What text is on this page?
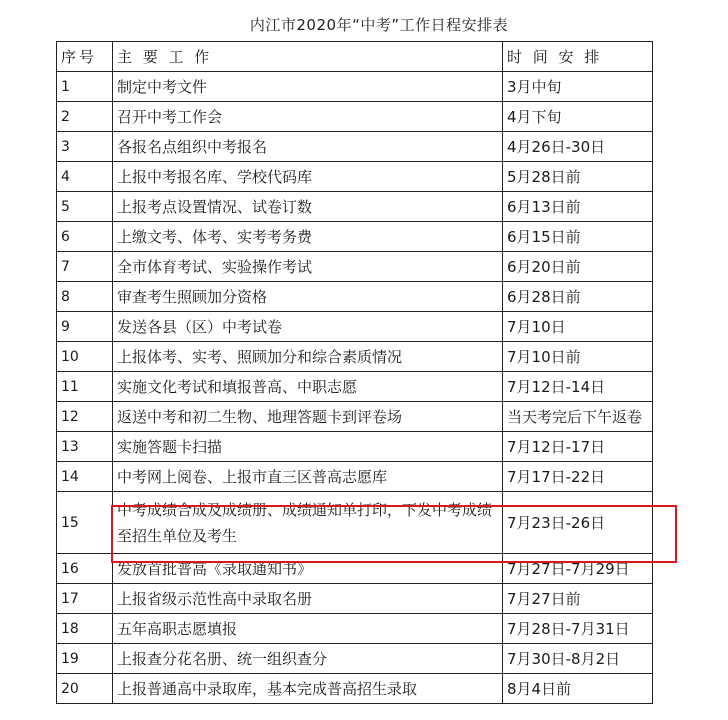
内江市2020年“中考”工作日程安排表
序号	主 要 工 作	时 间 安 排
1	制定中考文件	3月中旬
2	召开中考工作会	4月下旬
3	各报名点组织中考报名	4月26日-30日
4	上报中考报名库、学校代码库	5月28日前
5	上报考点设置情况、试卷订数	6月13日前
6	上缴文考、体考、实考考务费	6月15日前
7	全市体育考试、实验操作考试	6月20日前
8	审查考生照顾加分资格	6月28日前
9	发送各县（区）中考试卷	7月10日
10	上报体考、实考、照顾加分和综合素质情况	7月10日前
11	实施文化考试和填报普高、中职志愿	7月12日-14日
12	返送中考和初二生物、地理答题卡到评卷场	当天考完后下午返卷
13	实施答题卡扫描	7月12日-17日
14	中考网上阅卷、上报市直三区普高志愿库	7月17日-22日
15	中考成绩合成及成绩册、成绩通知单打印，下发中考成绩至招生单位及考生	7月23日-26日
16	发放首批普高《录取通知书》	7月27日-7月29日
17	上报省级示范性高中录取名册	7月27日前
18	五年高职志愿填报	7月28日-7月31日
19	上报查分花名册、统一组织查分	7月30日-8月2日
20	上报普通高中录取库，基本完成普高招生录取	8月4日前
